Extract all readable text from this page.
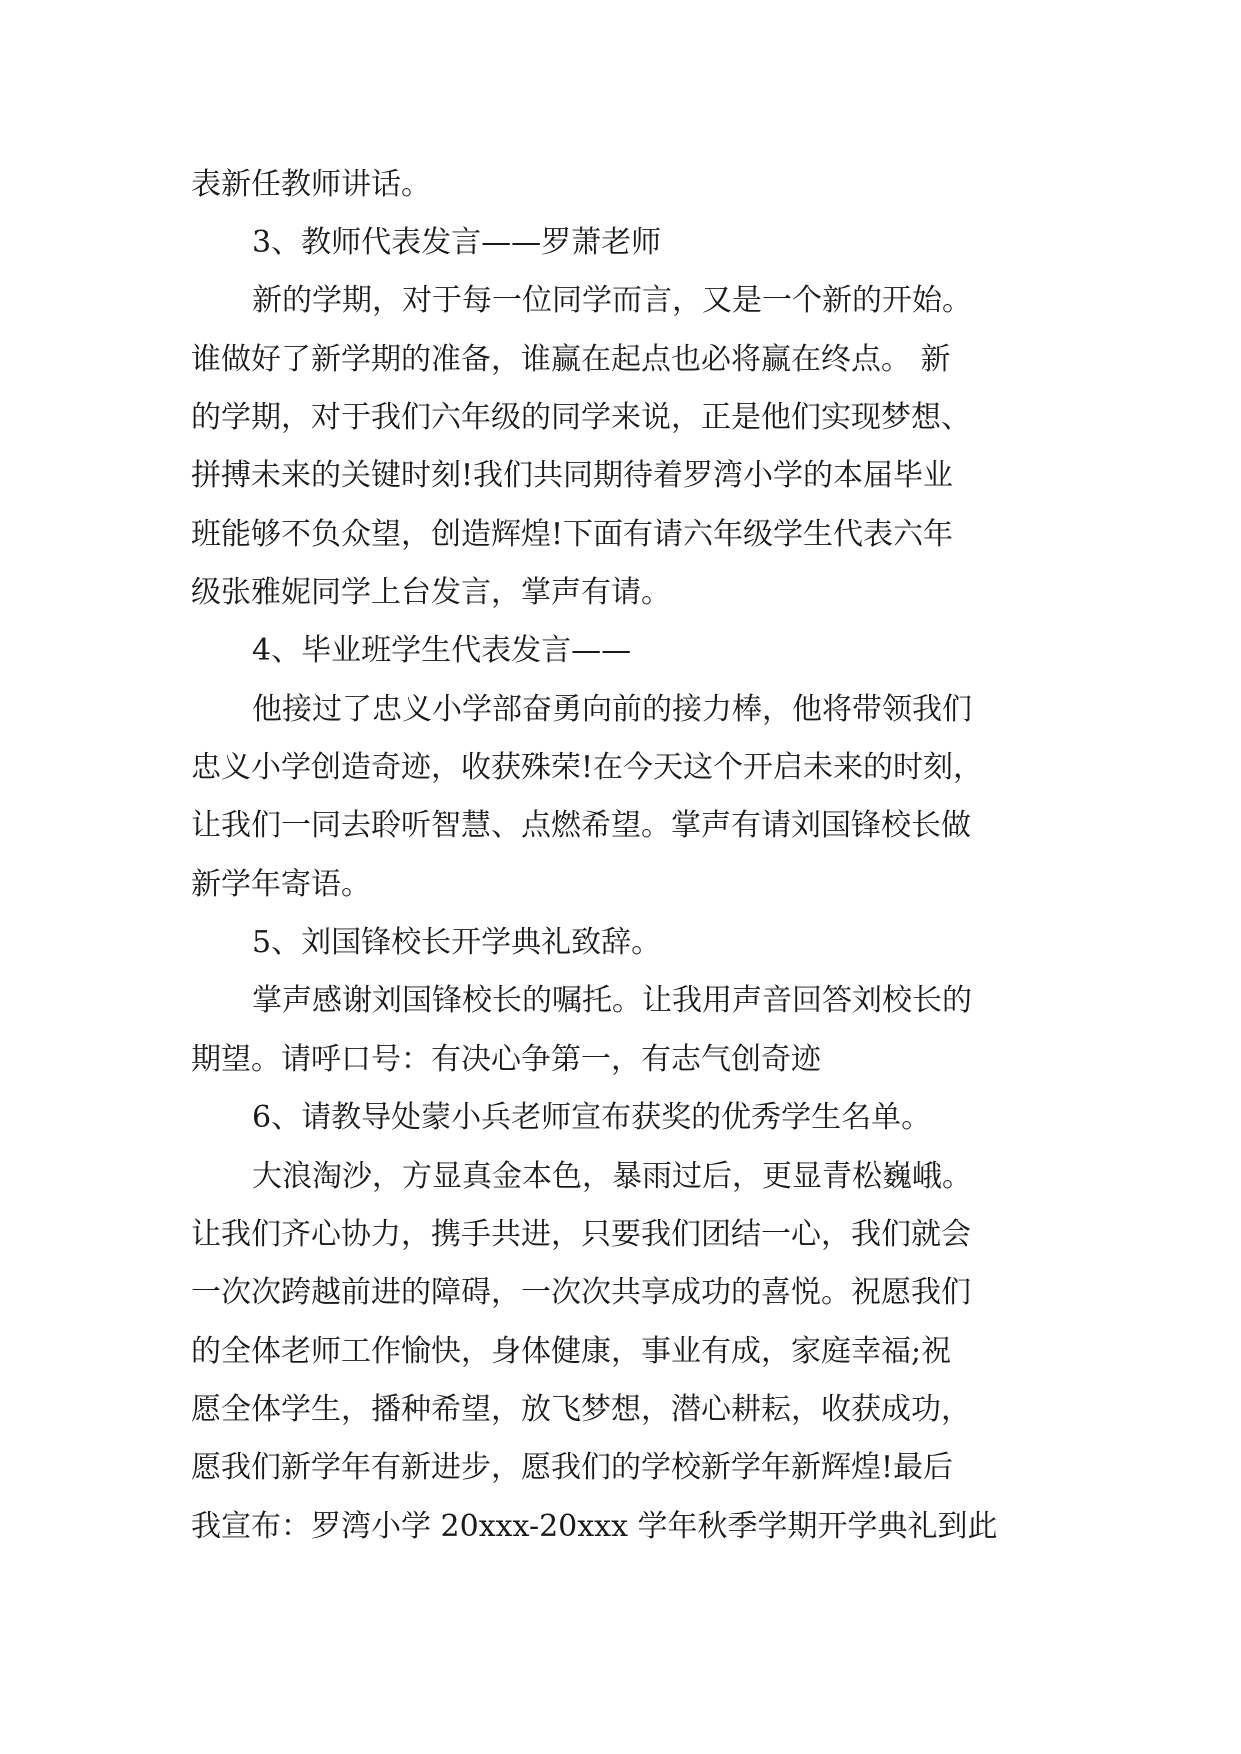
表新任教师讲话。
3、教师代表发言——罗萧老师
新的学期，对于每一位同学而言，又是一个新的开始。
谁做好了新学期的准备，谁赢在起点也必将赢在终点。 新
的学期，对于我们六年级的同学来说，正是他们实现梦想、
拼搏未来的关键时刻!我们共同期待着罗湾小学的本届毕业
班能够不负众望，创造辉煌!下面有请六年级学生代表六年
级张雅妮同学上台发言，掌声有请。
4、毕业班学生代表发言——
他接过了忠义小学部奋勇向前的接力棒，他将带领我们
忠义小学创造奇迹，收获殊荣!在今天这个开启未来的时刻，
让我们一同去聆听智慧、点燃希望。掌声有请刘国锋校长做
新学年寄语。
5、刘国锋校长开学典礼致辞。
掌声感谢刘国锋校长的嘱托。让我用声音回答刘校长的
期望。请呼口号：有决心争第一，有志气创奇迹
6、请教导处蒙小兵老师宣布获奖的优秀学生名单。
大浪淘沙，方显真金本色，暴雨过后，更显青松巍峨。
让我们齐心协力，携手共进，只要我们团结一心，我们就会
一次次跨越前进的障碍，一次次共享成功的喜悦。祝愿我们
的全体老师工作愉快，身体健康，事业有成，家庭幸福;祝
愿全体学生，播种希望，放飞梦想，潜心耕耘，收获成功，
愿我们新学年有新进步，愿我们的学校新学年新辉煌!最后
我宣布：罗湾小学 20xxx-20xxx 学年秋季学期开学典礼到此
